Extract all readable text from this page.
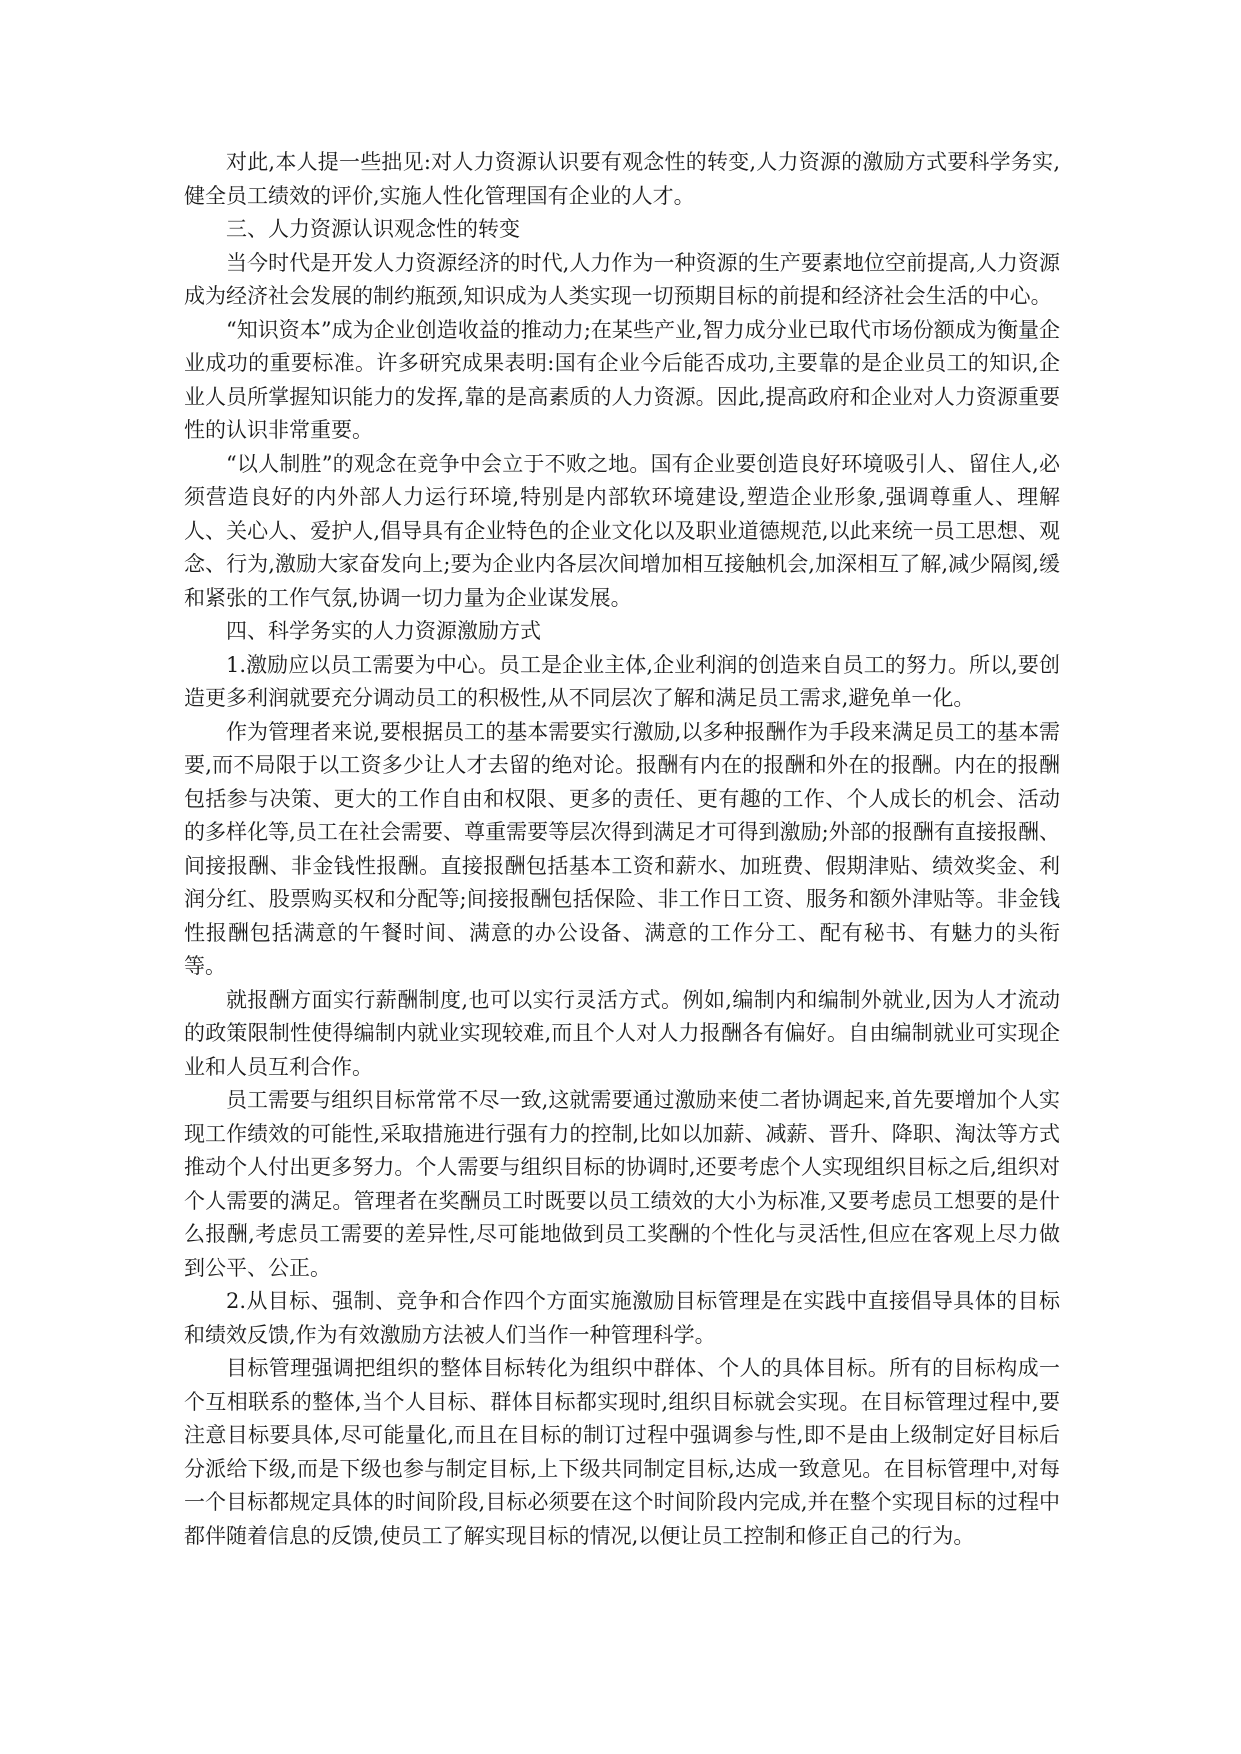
对此,本人提一些拙见:对人力资源认识要有观念性的转变,人力资源的激励方式要科学务实,健全员工绩效的评价,实施人性化管理国有企业的人才。

三、人力资源认识观念性的转变

当今时代是开发人力资源经济的时代,人力作为一种资源的生产要素地位空前提高,人力资源成为经济社会发展的制约瓶颈,知识成为人类实现一切预期目标的前提和经济社会生活的中心。

“知识资本”成为企业创造收益的推动力;在某些产业,智力成分业已取代市场份额成为衡量企业成功的重要标准。许多研究成果表明:国有企业今后能否成功,主要靠的是企业员工的知识,企业人员所掌握知识能力的发挥,靠的是高素质的人力资源。因此,提高政府和企业对人力资源重要性的认识非常重要。

“以人制胜”的观念在竞争中会立于不败之地。国有企业要创造良好环境吸引人、留住人,必须营造良好的内外部人力运行环境,特别是内部软环境建设,塑造企业形象,强调尊重人、理解人、关心人、爱护人,倡导具有企业特色的企业文化以及职业道德规范,以此来统一员工思想、观念、行为,激励大家奋发向上;要为企业内各层次间增加相互接触机会,加深相互了解,减少隔阂,缓和紧张的工作气氛,协调一切力量为企业谋发展。

四、科学务实的人力资源激励方式

1.激励应以员工需要为中心。员工是企业主体,企业利润的创造来自员工的努力。所以,要创造更多利润就要充分调动员工的积极性,从不同层次了解和满足员工需求,避免单一化。

作为管理者来说,要根据员工的基本需要实行激励,以多种报酬作为手段来满足员工的基本需要,而不局限于以工资多少让人才去留的绝对论。报酬有内在的报酬和外在的报酬。内在的报酬包括参与决策、更大的工作自由和权限、更多的责任、更有趣的工作、个人成长的机会、活动的多样化等,员工在社会需要、尊重需要等层次得到满足才可得到激励;外部的报酬有直接报酬、间接报酬、非金钱性报酬。直接报酬包括基本工资和薪水、加班费、假期津贴、绩效奖金、利润分红、股票购买权和分配等;间接报酬包括保险、非工作日工资、服务和额外津贴等。非金钱性报酬包括满意的午餐时间、满意的办公设备、满意的工作分工、配有秘书、有魅力的头衔等。

就报酬方面实行薪酬制度,也可以实行灵活方式。例如,编制内和编制外就业,因为人才流动的政策限制性使得编制内就业实现较难,而且个人对人力报酬各有偏好。自由编制就业可实现企业和人员互利合作。

员工需要与组织目标常常不尽一致,这就需要通过激励来使二者协调起来,首先要增加个人实现工作绩效的可能性,采取措施进行强有力的控制,比如以加薪、减薪、晋升、降职、淘汰等方式推动个人付出更多努力。个人需要与组织目标的协调时,还要考虑个人实现组织目标之后,组织对个人需要的满足。管理者在奖酬员工时既要以员工绩效的大小为标准,又要考虑员工想要的是什么报酬,考虑员工需要的差异性,尽可能地做到员工奖酬的个性化与灵活性,但应在客观上尽力做到公平、公正。

2.从目标、强制、竞争和合作四个方面实施激励目标管理是在实践中直接倡导具体的目标和绩效反馈,作为有效激励方法被人们当作一种管理科学。

目标管理强调把组织的整体目标转化为组织中群体、个人的具体目标。所有的目标构成一个互相联系的整体,当个人目标、群体目标都实现时,组织目标就会实现。在目标管理过程中,要注意目标要具体,尽可能量化,而且在目标的制订过程中强调参与性,即不是由上级制定好目标后分派给下级,而是下级也参与制定目标,上下级共同制定目标,达成一致意见。在目标管理中,对每一个目标都规定具体的时间阶段,目标必须要在这个时间阶段内完成,并在整个实现目标的过程中都伴随着信息的反馈,使员工了解实现目标的情况,以便让员工控制和修正自己的行为。
